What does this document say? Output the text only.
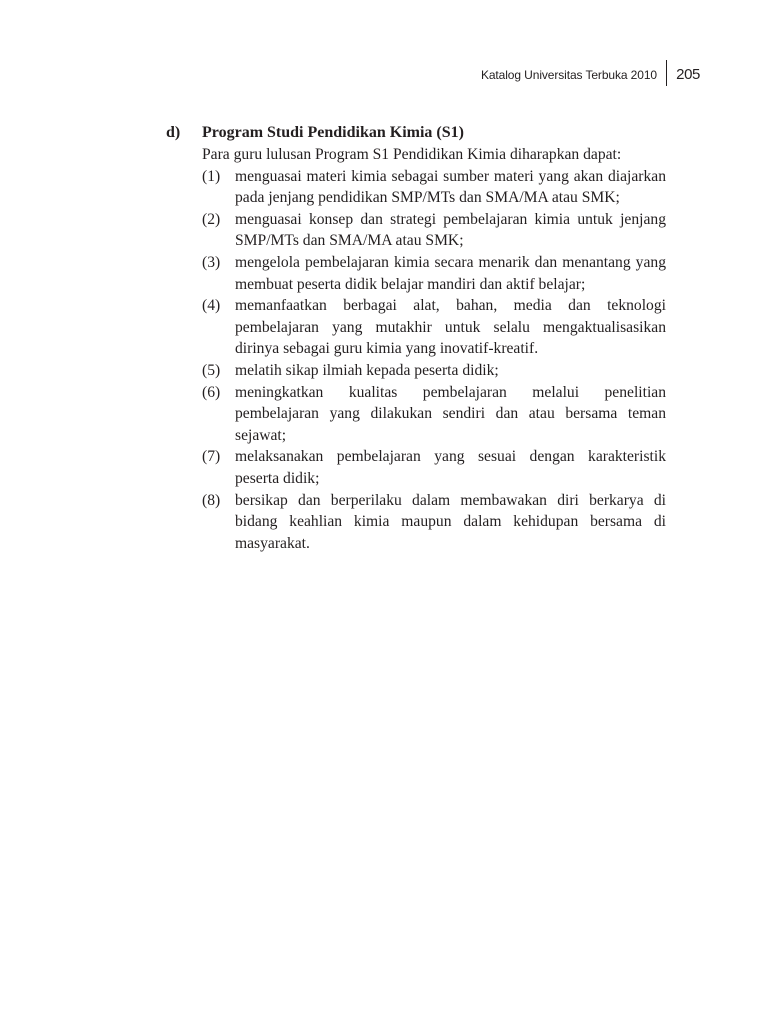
Katalog Universitas Terbuka 2010	205
d)	Program Studi Pendidikan Kimia (S1)

Para guru lulusan Program S1 Pendidikan Kimia diharapkan dapat:

(1) menguasai materi kimia sebagai sumber materi yang akan diajarkan pada jenjang pendidikan SMP/MTs dan SMA/MA atau SMK;
(2) menguasai konsep dan strategi pembelajaran kimia untuk jenjang SMP/MTs dan SMA/MA atau SMK;
(3) mengelola pembelajaran kimia secara menarik dan menantang yang membuat peserta didik belajar mandiri dan aktif belajar;
(4) memanfaatkan berbagai alat, bahan, media dan teknologi pembelajaran yang mutakhir untuk selalu mengaktualisasikan dirinya sebagai guru kimia yang inovatif-kreatif.
(5) melatih sikap ilmiah kepada peserta didik;
(6) meningkatkan kualitas pembelajaran melalui penelitian pembelajaran yang dilakukan sendiri dan atau bersama teman sejawat;
(7) melaksanakan pembelajaran yang sesuai dengan karakteristik peserta didik;
(8) bersikap dan berperilaku dalam membawakan diri berkarya di bidang keahlian kimia maupun dalam kehidupan bersama di masyarakat.
